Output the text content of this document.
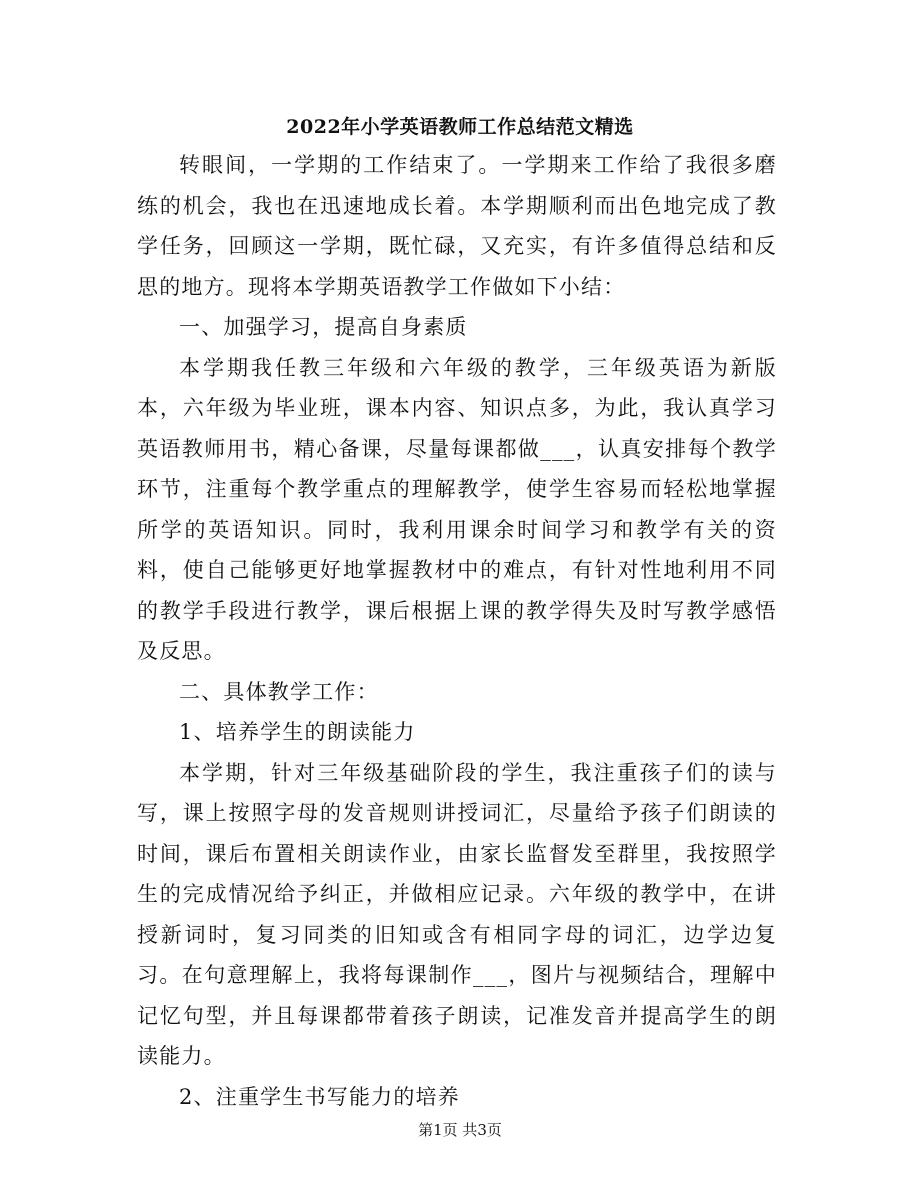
2022年小学英语教师工作总结范文精选

转眼间，一学期的工作结束了。一学期来工作给了我很多磨练的机会，我也在迅速地成长着。本学期顺利而出色地完成了教学任务，回顾这一学期，既忙碌，又充实，有许多值得总结和反思的地方。现将本学期英语教学工作做如下小结：

一、加强学习，提高自身素质

本学期我任教三年级和六年级的教学，三年级英语为新版本，六年级为毕业班，课本内容、知识点多，为此，我认真学习英语教师用书，精心备课，尽量每课都做___，认真安排每个教学环节，注重每个教学重点的理解教学，使学生容易而轻松地掌握所学的英语知识。同时，我利用课余时间学习和教学有关的资料，使自己能够更好地掌握教材中的难点，有针对性地利用不同的教学手段进行教学，课后根据上课的教学得失及时写教学感悟及反思。

二、具体教学工作：

1、培养学生的朗读能力

本学期，针对三年级基础阶段的学生，我注重孩子们的读与写，课上按照字母的发音规则讲授词汇，尽量给予孩子们朗读的时间，课后布置相关朗读作业，由家长监督发至群里，我按照学生的完成情况给予纠正，并做相应记录。六年级的教学中，在讲授新词时，复习同类的旧知或含有相同字母的词汇，边学边复习。在句意理解上，我将每课制作___，图片与视频结合，理解中记忆句型，并且每课都带着孩子朗读，记准发音并提高学生的朗读能力。

2、注重学生书写能力的培养

第1页 共3页
